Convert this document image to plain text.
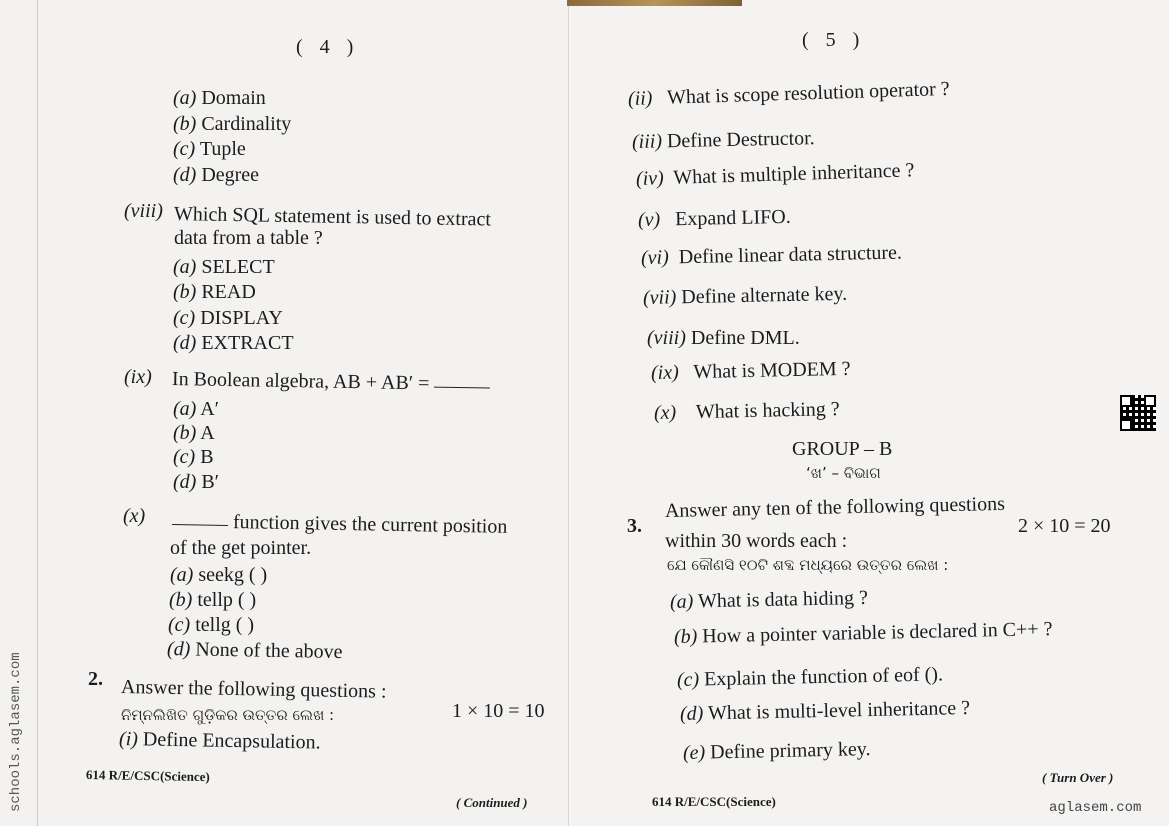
( 4 )
(a) Domain
(b) Cardinality
(c) Tuple
(d) Degree
(viii) Which SQL statement is used to extract
data from a table ?
(a) SELECT
(b) READ
(c) DISPLAY
(d) EXTRACT
(ix) In Boolean algebra, AB + AB′ =
(a) A′
(b) A
(c) B
(d) B′
(x)	function gives the current position
of the get pointer.
(a) seekg ( )
(b) tellp ( )
(c) tellg ( )
(d) None of the above
2. Answer the following questions :
ନିମ୍ନଲିଖିତ ଗୁଡ଼ିକର ଉତ୍ତର ଲେଖ :	1 × 10 = 10
(i) Define Encapsulation.
614 R/E/CSC(Science)
( Continued )
schools.aglasem.com
( 5 )
(ii) What is scope resolution operator ?
(iii) Define Destructor.
(iv) What is multiple inheritance ?
(v) Expand LIFO.
(vi) Define linear data structure.
(vii) Define alternate key.
(viii) Define DML.
(ix) What is MODEM ?
(x) What is hacking ?
GROUP – B
‘ଖ’ – ବିଭାଗ
3.
Answer any ten of the following questions
within 30 words each :
2 × 10 = 20
ଯେ କୌଣସି ୧୦ଟି ଶବ୍ଦ ମଧ୍ୟରେ ଉତ୍ତର ଲେଖ :
(a) What is data hiding ?
(b) How a pointer variable is declared in C++ ?
(c) Explain the function of eof ().
(d) What is multi-level inheritance ?
(e) Define primary key.
( Turn Over )
614 R/E/CSC(Science)	aglasem.com
